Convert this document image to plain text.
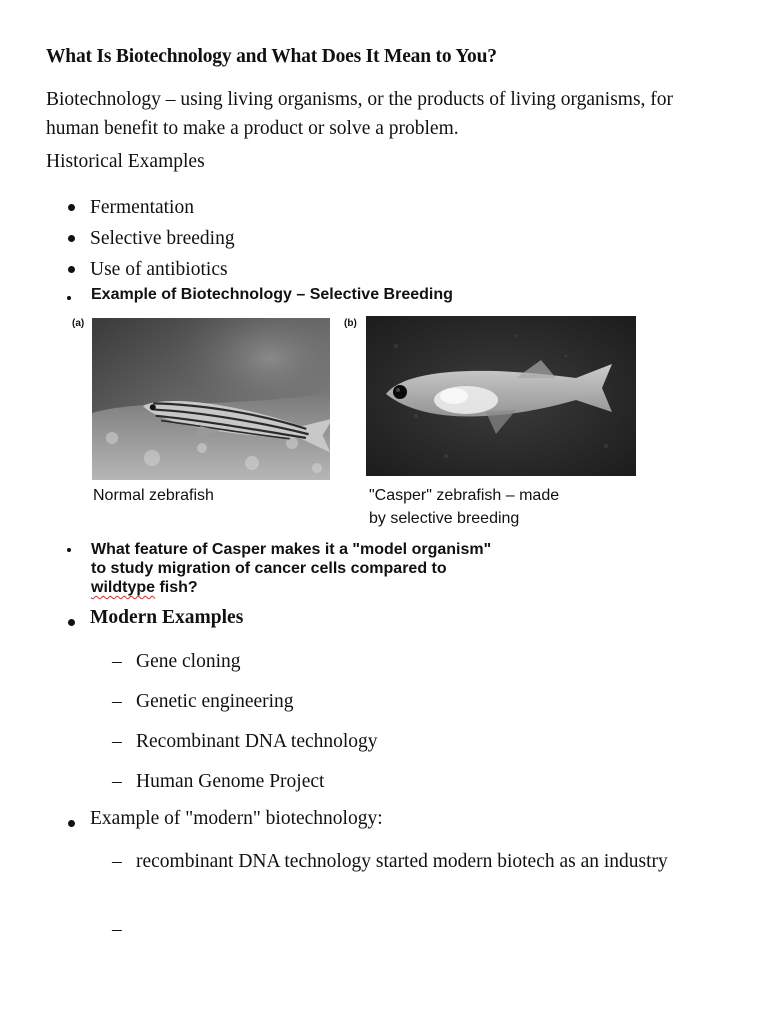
What Is Biotechnology and What Does It Mean to You?
Biotechnology – using living organisms, or the products of living organisms, for human benefit to make a product or solve a problem.
Historical Examples
Fermentation
Selective breeding
Use of antibiotics
Example of Biotechnology – Selective Breeding
(a)	(b)
Normal zebrafish	"Casper" zebrafish – made
by selective breeding
What feature of Casper makes it a "model organism"
to study migration of cancer cells compared to
wildtype fish?
Modern Examples
– Gene cloning
– Genetic engineering
– Recombinant DNA technology
– Human Genome Project
Example of "modern" biotechnology:
– recombinant DNA technology started modern biotech as an industry
–
